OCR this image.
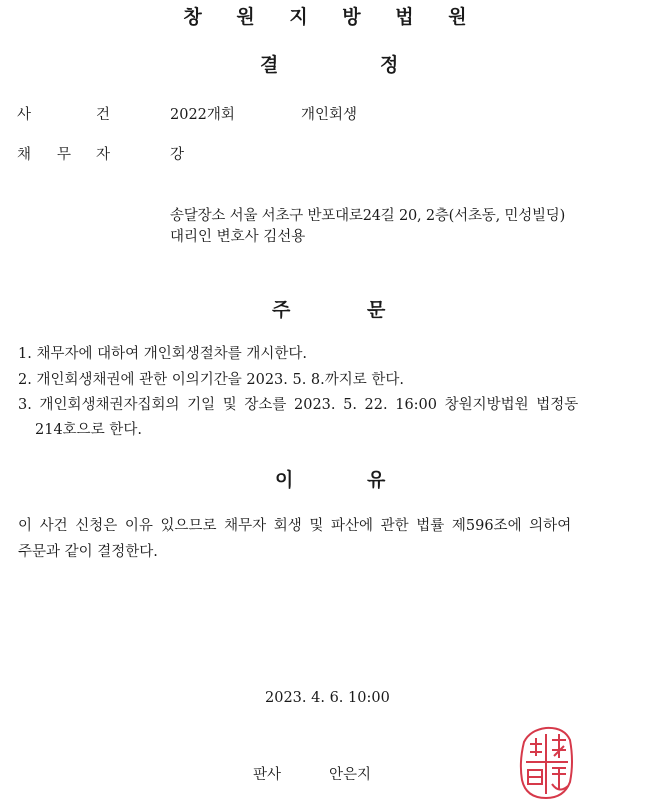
창 원 지 방 법 원
결	정
사	건	2022개회	개인회생
채 무 자	강
송달장소 서울 서초구 반포대로24길 20, 2층(서초동, 민성빌딩)
대리인 변호사 김선용
주	문
1. 채무자에 대하여 개인회생절차를 개시한다.
2. 개인회생채권에 관한 이의기간을 2023. 5. 8.까지로 한다.
3. 개인회생채권자집회의 기일 및 장소를 2023. 5. 22. 16:00 창원지방법원 법정동
214호으로 한다.
이	유
이 사건 신청은 이유 있으므로 채무자 회생 및 파산에 관한 법률 제596조에 의하여
주문과 같이 결정한다.
2023. 4. 6. 10:00
판사	안은지
